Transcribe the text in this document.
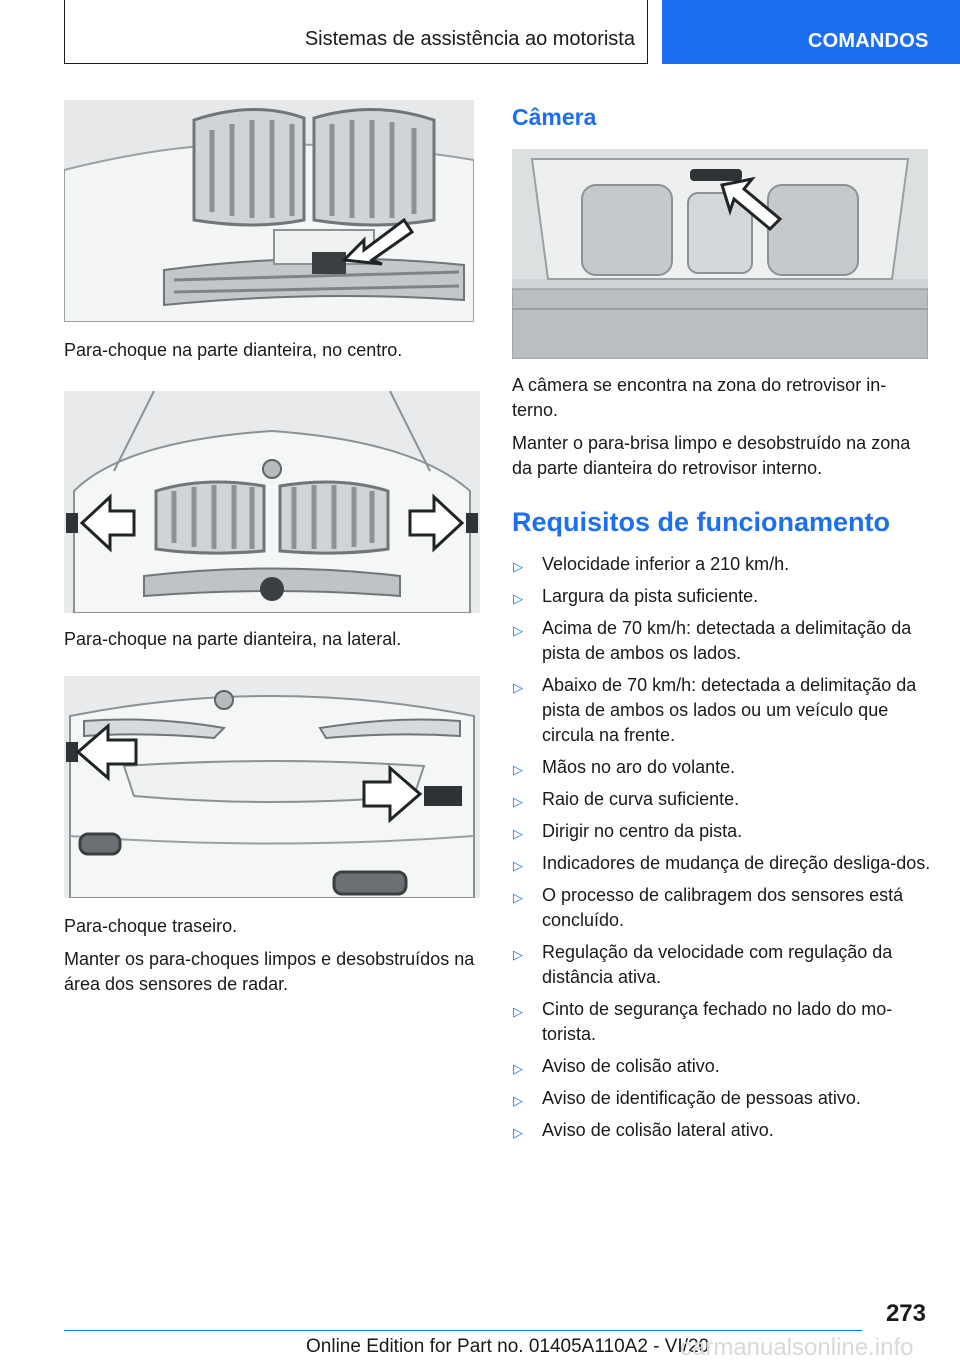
Sistemas de assistência ao motorista	COMANDOS

Para-choque na parte dianteira, no centro.

Para-choque na parte dianteira, na lateral.

Para-choque traseiro.

Manter os para-choques limpos e desobstruídos na área dos sensores de radar.

Câmera

A câmera se encontra na zona do retrovisor in-terno.

Manter o para-brisa limpo e desobstruído na zona da parte dianteira do retrovisor interno.

Requisitos de funcionamento
▷ Velocidade inferior a 210 km/h.
▷ Largura da pista suficiente.
▷ Acima de 70 km/h: detectada a delimitação da pista de ambos os lados.
▷ Abaixo de 70 km/h: detectada a delimitação da pista de ambos os lados ou um veículo que circula na frente.
▷ Mãos no aro do volante.
▷ Raio de curva suficiente.
▷ Dirigir no centro da pista.
▷ Indicadores de mudança de direção desliga-dos.
▷ O processo de calibragem dos sensores está concluído.
▷ Regulação da velocidade com regulação da distância ativa.
▷ Cinto de segurança fechado no lado do mo-torista.
▷ Aviso de colisão ativo.
▷ Aviso de identificação de pessoas ativo.
▷ Aviso de colisão lateral ativo.
273
Online Edition for Part no. 01405A110A2 - VI/20
carmanualsonline.info
